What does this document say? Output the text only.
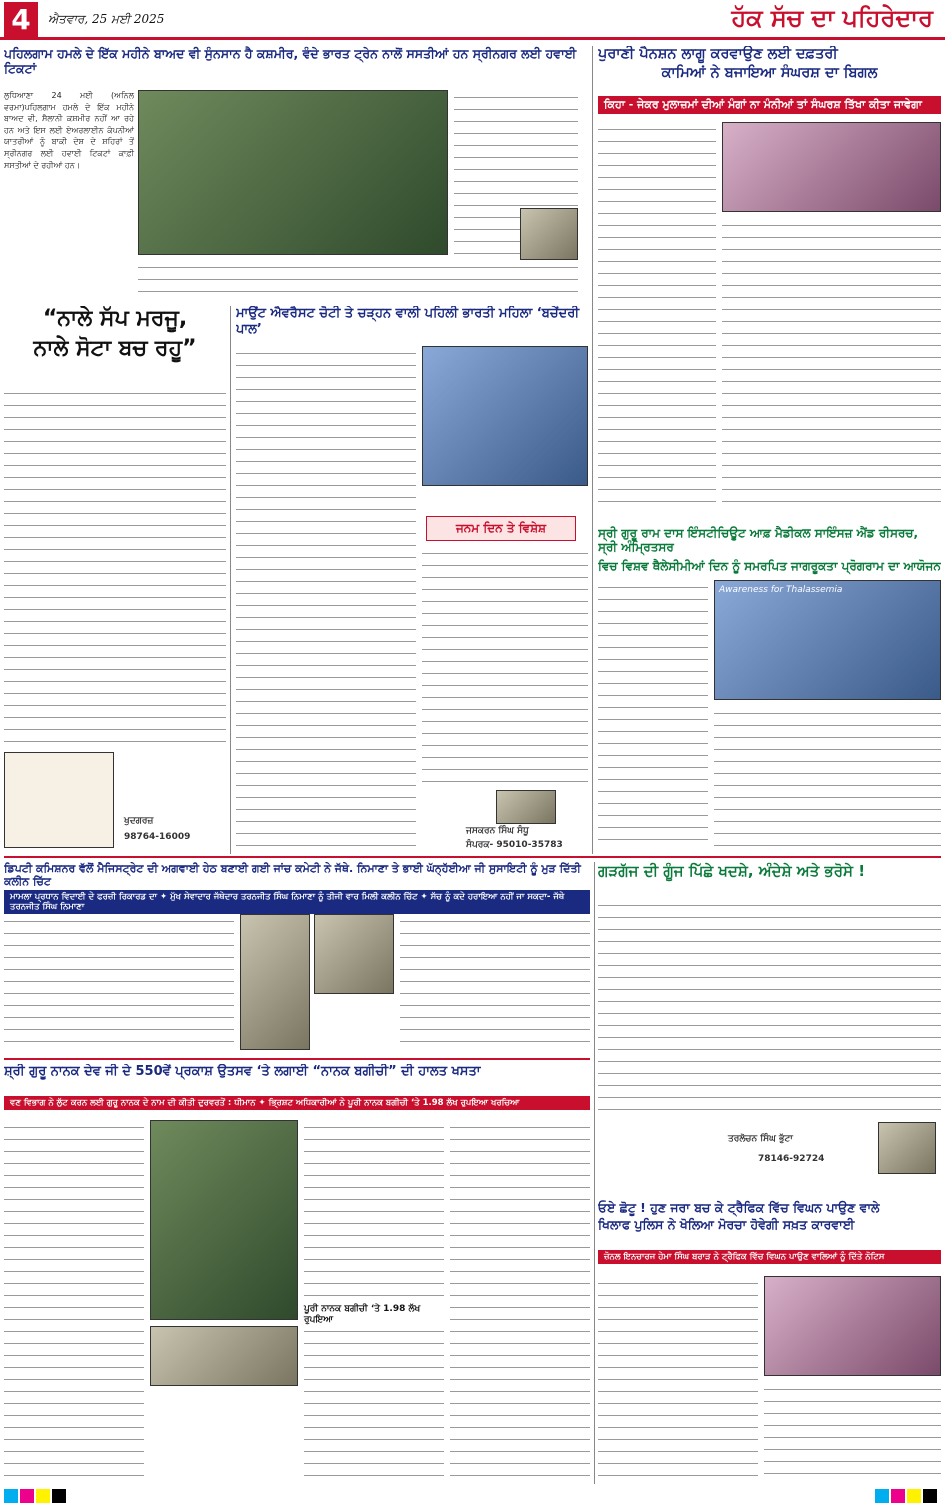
4	ਐਤਵਾਰ, 25 ਮਈ 2025	ਹੱਕ ਸੱਚ ਦਾ ਪਹਿਰੇਦਾਰ
ਪਹਿਲਗਾਮ ਹਮਲੇ ਦੇ ਇੱਕ ਮਹੀਨੇ ਬਾਅਦ ਵੀ ਸੁੰਨਸਾਨ ਹੈ ਕਸ਼ਮੀਰ, ਵੰਦੇ ਭਾਰਤ ਟ੍ਰੇਨ ਨਾਲੋਂ ਸਸਤੀਆਂ ਹਨ ਸ੍ਰੀਨਗਰ ਲਈ ਹਵਾਈ ਟਿਕਟਾਂ
ਲੁਧਿਆਣਾ 24 ਮਈ (ਅਨਿਲ ਵਰਮਾ)ਪਹਿਲਗਾਮ ਹਮਲੇ ਦੇ ਇੱਕ ਮਹੀਨੇ ਬਾਅਦ ਵੀ, ਸੈਲਾਨੀ ਕਸ਼ਮੀਰ ਨਹੀਂ ਆ ਰਹੇ ਹਨ ਅਤੇ ਇਸ ਲਈ ਏਅਰਲਾਈਨ ਕੰਪਨੀਆਂ ਯਾਤਰੀਆਂ ਨੂੰ ਬਾਕੀ ਦੇਸ਼ ਦੇ ਸ਼ਹਿਰਾਂ ਤੋਂ ਸ੍ਰੀਨਗਰ ਲਈ ਹਵਾਈ ਟਿਕਟਾਂ ਕਾਫ਼ੀ ਸਸਤੀਆਂ ਦੇ ਰਹੀਆਂ ਹਨ।
“ਨਾਲੇ ਸੱਪ ਮਰਜੂ,
ਨਾਲੇ ਸੋਟਾ ਬਚ ਰਹੂ”
ਖੁਦਗਰਜ਼
98764-16009
ਮਾਉਂਟ ਐਵਰੈਸਟ ਚੋਟੀ ਤੇ ਚੜ੍ਹਨ ਵਾਲੀ ਪਹਿਲੀ ਭਾਰਤੀ ਮਹਿਲਾ ‘ਬਚੇਂਦਰੀ ਪਾਲ’
ਜਨਮ ਦਿਨ ਤੇ ਵਿਸ਼ੇਸ਼
ਜਸਕਰਨ ਸਿੰਘ ਸੰਧੂ
ਸੰਪਰਕ- 95010-35783
ਪੁਰਾਣੀ ਪੈਨਸ਼ਨ ਲਾਗੂ ਕਰਵਾਉਣ ਲਈ ਦਫ਼ਤਰੀ
ਕਾਮਿਆਂ ਨੇ ਬਜਾਇਆ ਸੰਘਰਸ਼ ਦਾ ਬਿਗਲ
ਕਿਹਾ - ਜੇਕਰ ਮੁਲਾਜ਼ਮਾਂ ਦੀਆਂ ਮੰਗਾਂ ਨਾ ਮੰਨੀਆਂ ਤਾਂ ਸੰਘਰਸ਼ ਤਿੱਖਾ ਕੀਤਾ ਜਾਵੇਗਾ
ਸ੍ਰੀ ਗੁਰੂ ਰਾਮ ਦਾਸ ਇੰਸਟੀਚਿਊਟ ਆਫ਼ ਮੈਡੀਕਲ ਸਾਇੰਸਜ਼ ਐਂਡ ਰੀਸਰਚ, ਸ੍ਰੀ ਅੰਮ੍ਰਿਤਸਰ
ਵਿਚ ਵਿਸ਼ਵ ਥੈਲੇਸੀਮੀਆਂ ਦਿਨ ਨੂੰ ਸਮਰਪਿਤ ਜਾਗਰੂਕਤਾ ਪ੍ਰੋਗਰਾਮ ਦਾ ਆਯੋਜਨ
Awareness for Thalassemia
ਡਿਪਟੀ ਕਮਿਸ਼ਨਰ ਵੱਲੋਂ ਮੈਜਿਸਟ੍ਰੇਟ ਦੀ ਅਗਵਾਈ ਹੇਠ ਬਣਾਈ ਗਈ ਜਾਂਚ ਕਮੇਟੀ ਨੇ ਜੱਥੇ. ਨਿਮਾਣਾ ਤੇ ਭਾਈ ਘੱਨ੍ਹੱਈਆ ਜੀ ਸੁਸਾਇਟੀ ਨੂੰ ਮੁੜ ਦਿੱਤੀ ਕਲੀਨ ਚਿੱਟ
ਮਾਮਲਾ ਪ੍ਰਧਾਨ ਵਿਦਾਈ ਦੇ ਫਰਜ਼ੀ ਰਿਕਾਰਡ ਦਾ ✦ ਮੁੱਖ ਸੇਵਾਦਾਰ ਜੱਥੇਦਾਰ ਤਰਨਜੀਤ ਸਿੰਘ ਨਿਮਾਣਾ ਨੂੰ ਤੀਜੀ ਵਾਰ ਮਿਲੀ ਕਲੀਨ ਚਿੱਟ ✦ ਸੱਚ ਨੂੰ ਕਦੇ ਹਰਾਇਆ ਨਹੀਂ ਜਾ ਸਕਦਾ- ਜੱਥੇ ਤਰਨਜੀਤ ਸਿੰਘ ਨਿਮਾਣਾ
ਗੜਗੱਜ ਦੀ ਗੂੰਜ ਪਿੱਛੇ ਖਦਸ਼ੇ, ਅੰਦੇਸ਼ੇ ਅਤੇ ਭਰੋਸੇ !
ਤਰਲੋਚਨ ਸਿੰਘ ਭੁੱਟਾ
78146-92724
ਸ਼੍ਰੀ ਗੁਰੂ ਨਾਨਕ ਦੇਵ ਜੀ ਦੇ 550ਵੇਂ ਪ੍ਰਕਾਸ਼ ਉਤਸਵ ‘ਤੇ ਲਗਾਈ “ਨਾਨਕ ਬਗੀਚੀ” ਦੀ ਹਾਲਤ ਖਸਤਾ
ਵਣ ਵਿਭਾਗ ਨੇ ਲੁੱਟ ਕਰਨ ਲਈ ਗੁਰੂ ਨਾਨਕ ਦੇ ਨਾਮ ਦੀ ਕੀਤੀ ਦੁਰਵਰਤੋਂ : ਧੀਮਾਨ ✦ ਭ੍ਰਿਸ਼ਟ ਅਧਿਕਾਰੀਆਂ ਨੇ ਪੂਰੀ ਨਾਨਕ ਬਗੀਚੀ ‘ਤੇ 1.98 ਲੱਖ ਰੁਪਇਆ ਖਰਚਿਆ
ਪੂਰੀ ਨਾਨਕ ਬਗੀਚੀ ‘ਤੇ 1.98 ਲੱਖ ਰੁਪਇਆ
ਓਏ ਛੋਟੂ ! ਹੁਣ ਜਰਾ ਬਚ ਕੇ ਟ੍ਰੈਫਿਕ ਵਿੱਚ ਵਿਘਨ ਪਾਉਣ ਵਾਲੇ
ਖਿਲਾਫ ਪੁਲਿਸ ਨੇ ਖੋਲਿਆ ਮੋਰਚਾ ਹੋਵੇਗੀ ਸਖ਼ਤ ਕਾਰਵਾਈ
ਜ਼ੋਨਲ ਇਨਚਾਰਜ ਹੇਮਾ ਸਿੰਘ ਬਰਾੜ ਨੇ ਟ੍ਰੈਫਿਕ ਵਿੱਚ ਵਿਘਨ ਪਾਉਣ ਵਾਲਿਆਂ ਨੂੰ ਦਿੱਤੇ ਨੋਟਿਸ
